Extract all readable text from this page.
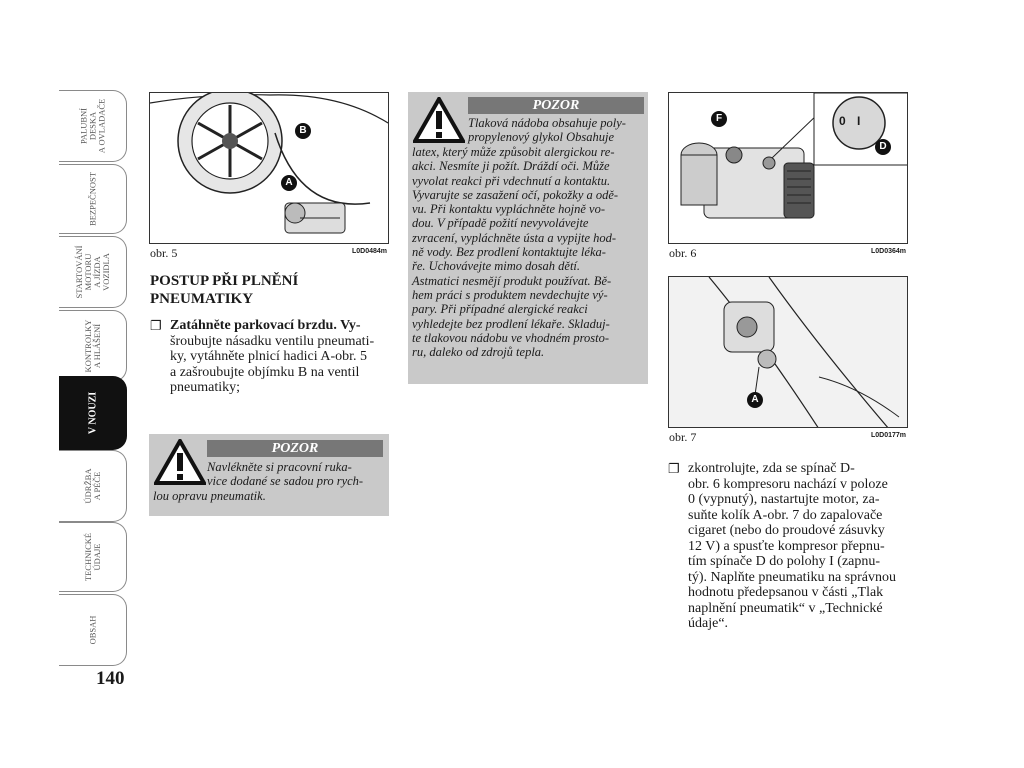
PALUBNÍ
DESKA
A OVLADAČE
BEZPEČNOST
STARTOVÁNÍ
MOTORU
A JÍZDA
VOZIDLA
KONTROLKY
A HLÁŠENÍ
V NOUZI
ÚDRŽBA
A PÉČE
TECHNICKÉ
ÚDAJE
OBSAH
140
A
B
obr. 5	L0D0484m
POSTUP PŘI PLNĚNÍ
PNEUMATIKY
❐ Zatáhněte parkovací brzdu. Vy-
šroubujte násadku ventilu pneumati-
ky, vytáhněte plnicí hadici A-obr. 5
a zašroubujte objímku B na ventil
pneumatiky;
POZOR
Navlékněte si pracovní ruka-
vice dodané se sadou pro rych-
lou opravu pneumatik.
POZOR
Tlaková nádoba obsahuje poly-
propylenový glykol Obsahuje
latex, který může způsobit alergickou re-
akci. Nesmíte ji požít. Dráždí oči. Může
vyvolat reakci při vdechnutí a kontaktu.
Vyvarujte se zasažení očí, pokožky a odě-
vu. Při kontaktu vypláchněte hojně vo-
dou. V případě požití nevyvolávejte
zvracení, vypláchněte ústa a vypijte hod-
ně vody. Bez prodlení kontaktujte léka-
ře. Uchovávejte mimo dosah dětí.
Astmatici nesmějí produkt používat. Bě-
hem práci s produktem nevdechujte vý-
pary. Při případné alergické reakci
vyhledejte bez prodlení lékaře. Skladuj-
te tlakovou nádobu ve vhodném prosto-
ru, daleko od zdrojů tepla.
0 I
F
D
obr. 6	L0D0364m
A
obr. 7	L0D0177m
❐ zkontrolujte, zda se spínač D-
obr. 6 kompresoru nachází v poloze
0 (vypnutý), nastartujte motor, za-
suňte kolík A-obr. 7 do zapalovače
cigaret (nebo do proudové zásuvky
12 V) a spusťte kompresor přepnu-
tím spínače D do polohy I (zapnu-
tý). Naplňte pneumatiku na správnou
hodnotu předepsanou v části „Tlak
naplnění pneumatik“ v „Technické
údaje“.
